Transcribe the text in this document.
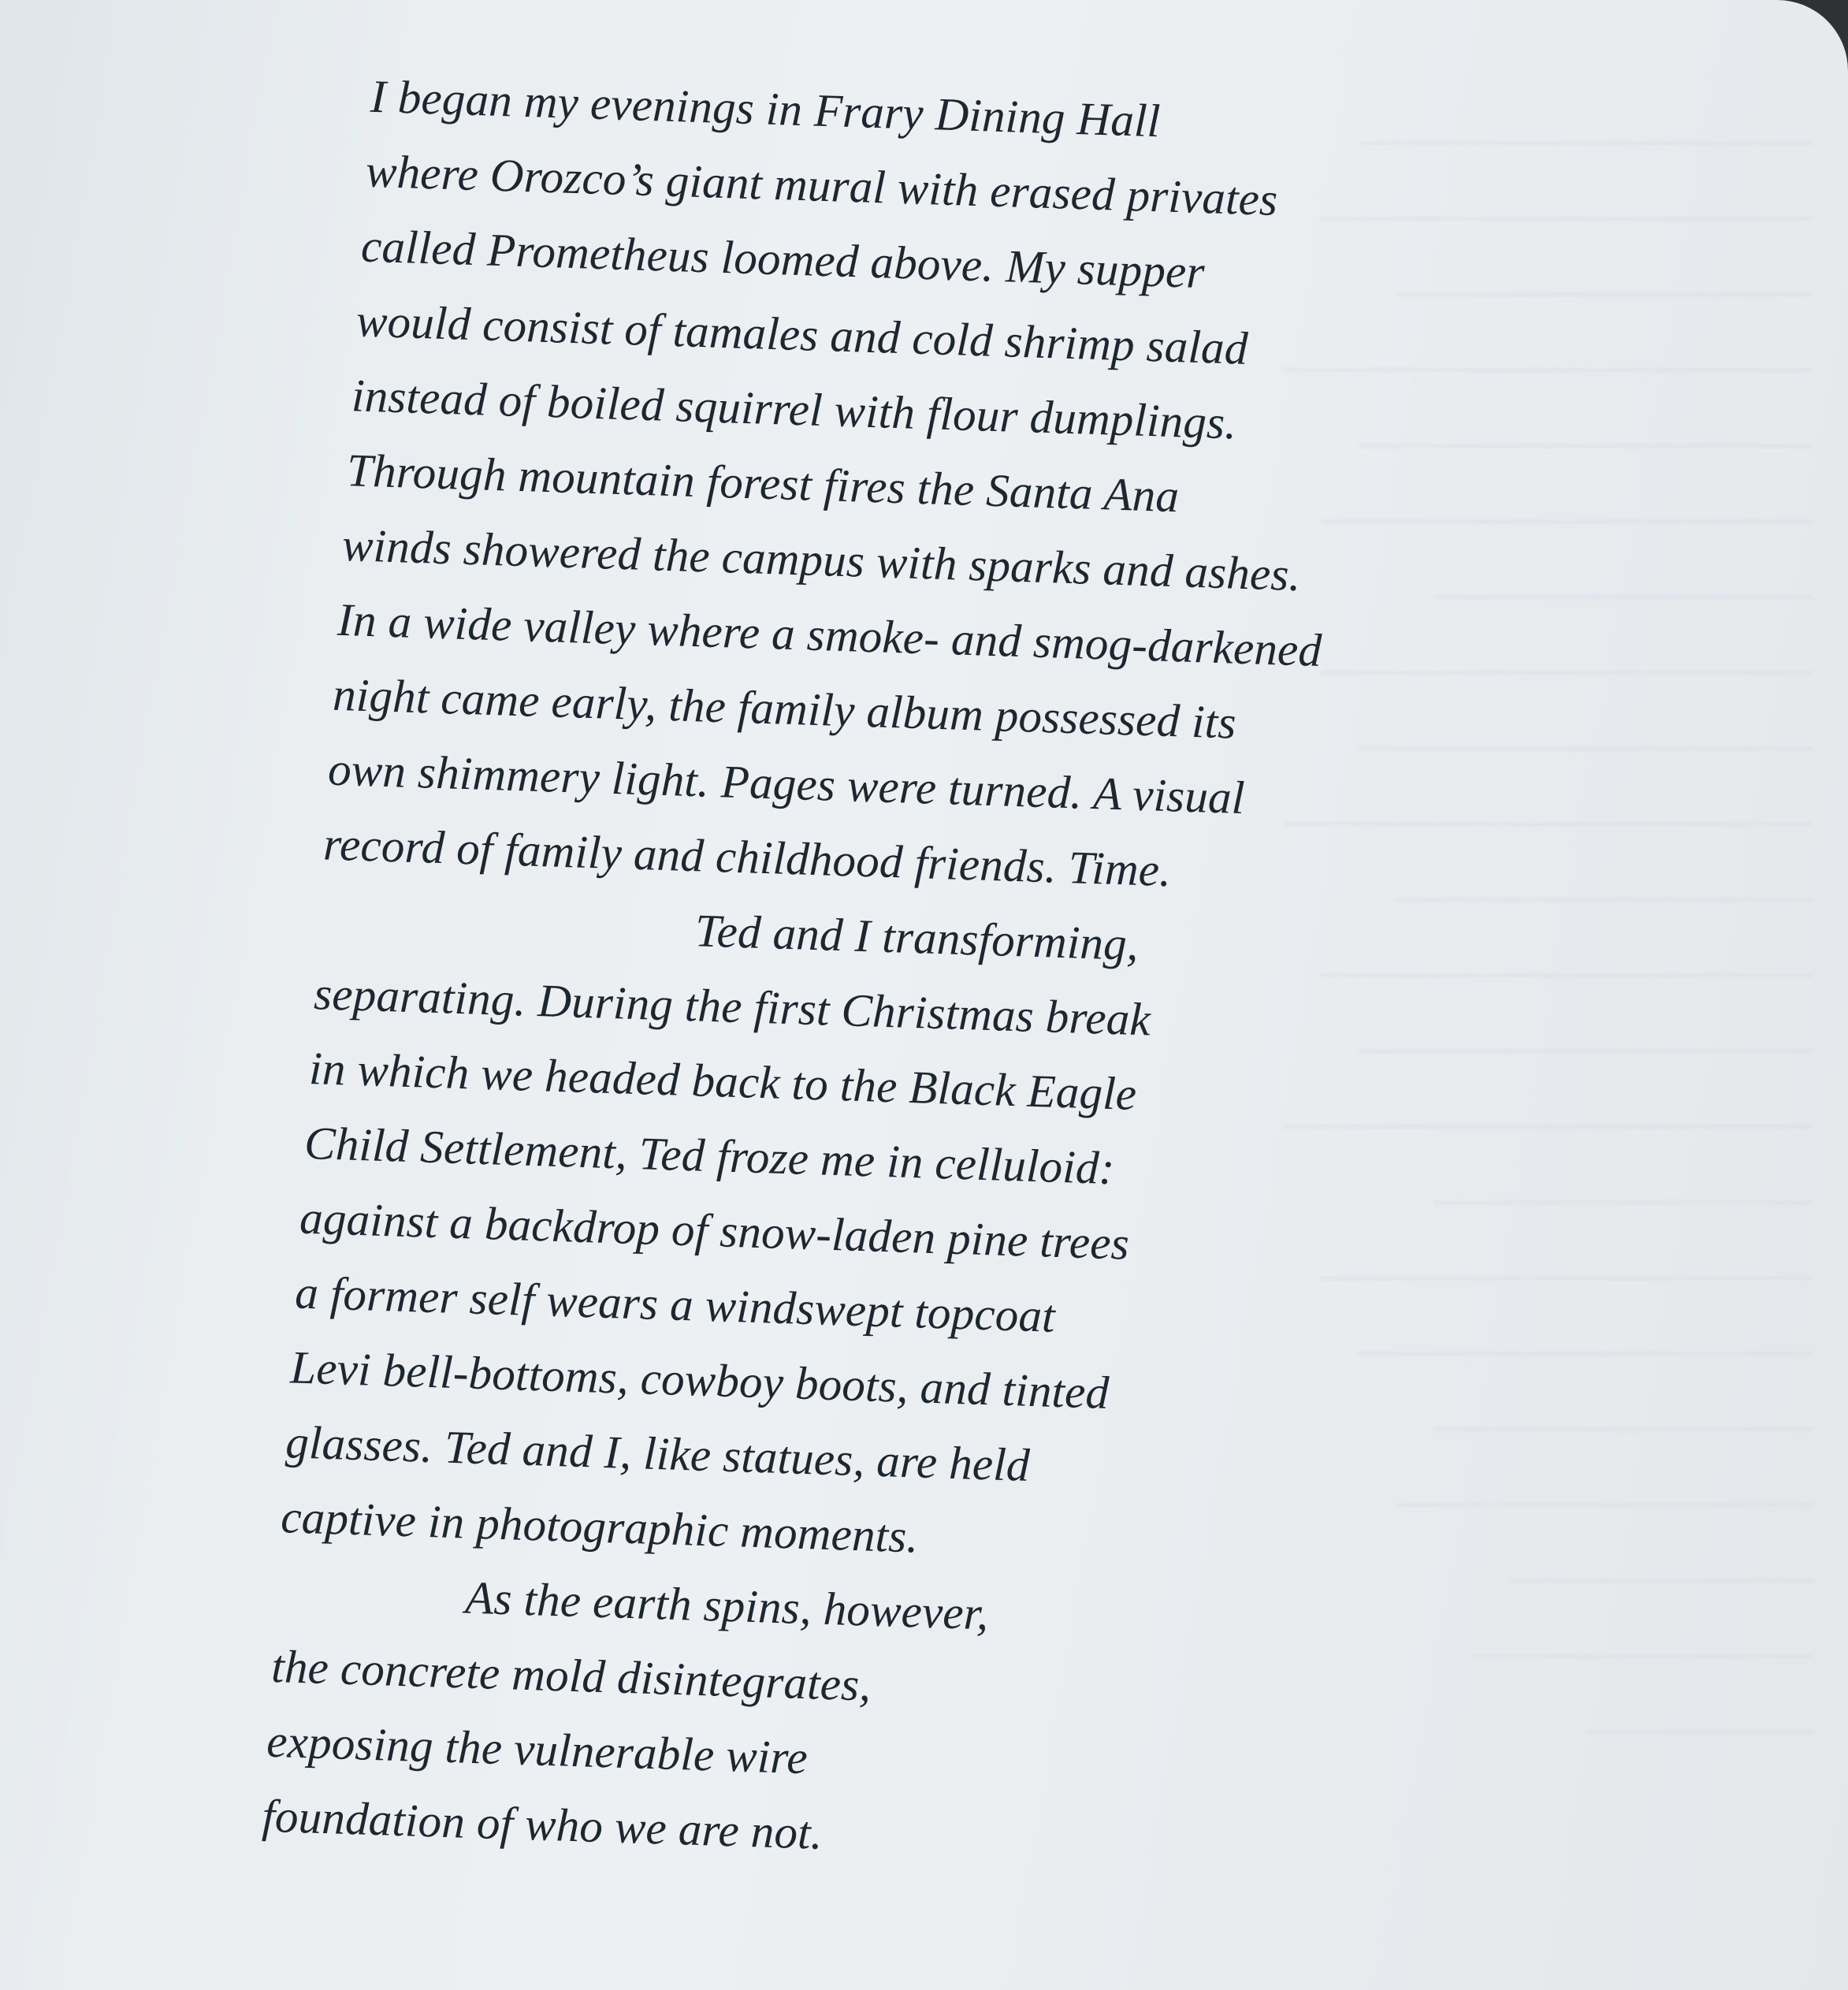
————————————
—————————————
———————————
——————————————
————————————
—————————————
——————————
—————————————
————————————
——————————————
———————————
—————————————
————————————
——————————————
——————————
—————————————
————————————
——————————
———————————
————————
—————————
——————
I began my evenings in Frary Dining Hall
where Orozco’s giant mural with erased privates
called Prometheus loomed above. My supper
would consist of tamales and cold shrimp salad
instead of boiled squirrel with flour dumplings.
Through mountain forest fires the Santa Ana
winds showered the campus with sparks and ashes.
In a wide valley where a smoke- and smog-darkened
night came early, the family album possessed its
own shimmery light. Pages were turned. A visual
record of family and childhood friends. Time.
Ted and I transforming,
separating. During the first Christmas break
in which we headed back to the Black Eagle
Child Settlement, Ted froze me in celluloid:
against a backdrop of snow-laden pine trees
a former self wears a windswept topcoat
Levi bell-bottoms, cowboy boots, and tinted
glasses. Ted and I, like statues, are held
captive in photographic moments.
As the earth spins, however,
the concrete mold disintegrates,
exposing the vulnerable wire
foundation of who we are not.
